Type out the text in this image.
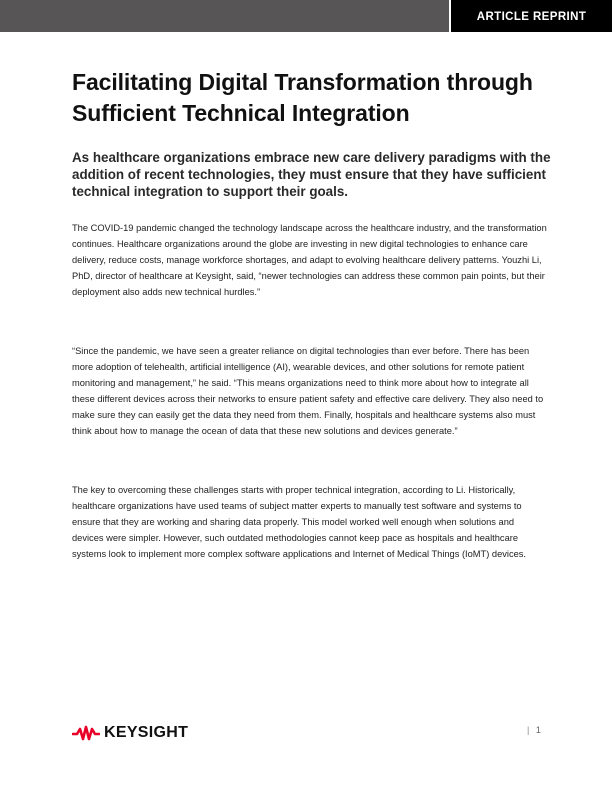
ARTICLE REPRINT
Facilitating Digital Transformation through Sufficient Technical Integration

As healthcare organizations embrace new care delivery paradigms with the addition of recent technologies, they must ensure that they have sufficient technical integration to support their goals.

The COVID-19 pandemic changed the technology landscape across the healthcare industry, and the transformation continues. Healthcare organizations around the globe are investing in new digital technologies to enhance care delivery, reduce costs, manage workforce shortages, and adapt to evolving healthcare delivery patterns. Youzhi Li, PhD, director of healthcare at Keysight, said, “newer technologies can address these common pain points, but their deployment also adds new technical hurdles.”

“Since the pandemic, we have seen a greater reliance on digital technologies than ever before. There has been more adoption of telehealth, artificial intelligence (AI), wearable devices, and other solutions for remote patient monitoring and management,” he said. “This means organizations need to think more about how to integrate all these different devices across their networks to ensure patient safety and effective care delivery. They also need to make sure they can easily get the data they need from them. Finally, hospitals and healthcare systems also must think about how to manage the ocean of data that these new solutions and devices generate.”

The key to overcoming these challenges starts with proper technical integration, according to Li. Historically, healthcare organizations have used teams of subject matter experts to manually test software and systems to ensure that they are working and sharing data properly. This model worked well enough when solutions and devices were simpler. However, such outdated methodologies cannot keep pace as hospitals and healthcare systems look to implement more complex software applications and Internet of Medical Things (IoMT) devices.

KEYSIGHT	| 1
